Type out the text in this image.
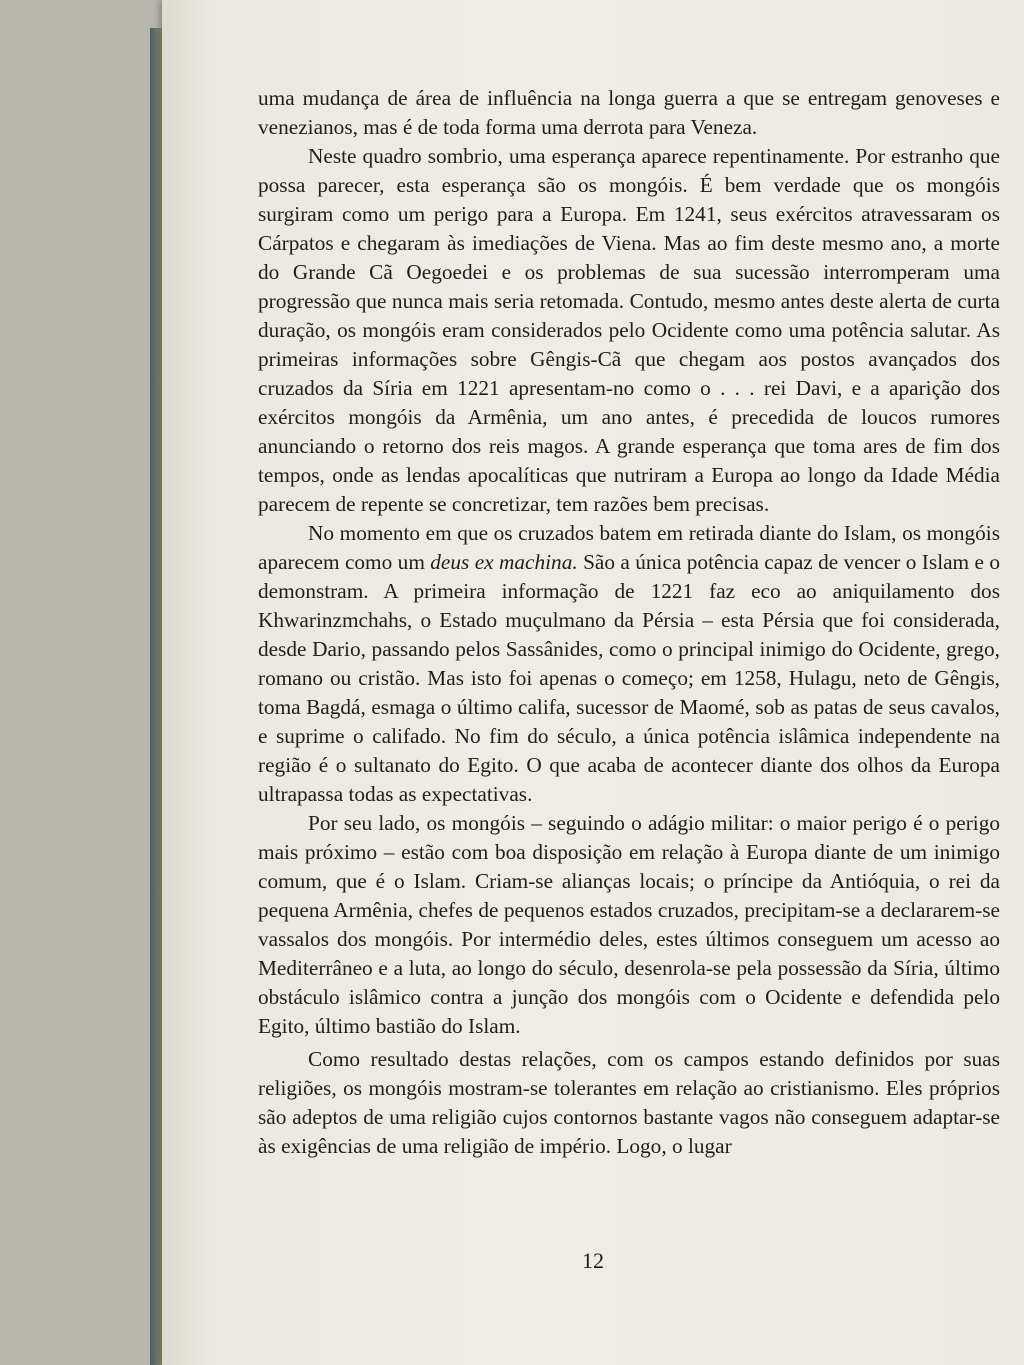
uma mudança de área de influência na longa guerra a que se entregam genoveses e venezianos, mas é de toda forma uma derrota para Veneza.

Neste quadro sombrio, uma esperança aparece repentinamente. Por estranho que possa parecer, esta esperança são os mongóis. É bem verdade que os mongóis surgiram como um perigo para a Europa. Em 1241, seus exércitos atravessaram os Cárpatos e chegaram às imediações de Viena. Mas ao fim deste mesmo ano, a morte do Grande Cã Oegoedei e os problemas de sua sucessão interromperam uma progressão que nunca mais seria retomada. Contudo, mesmo antes deste alerta de curta duração, os mongóis eram considerados pelo Ocidente como uma potência salutar. As primeiras informações sobre Gêngis-Cã que chegam aos postos avançados dos cruzados da Síria em 1221 apresentam-no como o . . . rei Davi, e a aparição dos exércitos mongóis da Armênia, um ano antes, é precedida de loucos rumores anunciando o retorno dos reis magos. A grande esperança que toma ares de fim dos tempos, onde as lendas apocalíticas que nutriram a Europa ao longo da Idade Média parecem de repente se concretizar, tem razões bem precisas.

No momento em que os cruzados batem em retirada diante do Islam, os mongóis aparecem como um deus ex machina. São a única potência capaz de vencer o Islam e o demonstram. A primeira informação de 1221 faz eco ao aniquilamento dos Khwarinzmchahs, o Estado muçulmano da Pérsia – esta Pérsia que foi considerada, desde Dario, passando pelos Sassânides, como o principal inimigo do Ocidente, grego, romano ou cristão. Mas isto foi apenas o começo; em 1258, Hulagu, neto de Gêngis, toma Bagdá, esmaga o último califa, sucessor de Maomé, sob as patas de seus cavalos, e suprime o califado. No fim do século, a única potência islâmica independente na região é o sultanato do Egito. O que acaba de acontecer diante dos olhos da Europa ultrapassa todas as expectativas.

Por seu lado, os mongóis – seguindo o adágio militar: o maior perigo é o perigo mais próximo – estão com boa disposição em relação à Europa diante de um inimigo comum, que é o Islam. Criam-se alianças locais; o príncipe da Antióquia, o rei da pequena Armênia, chefes de pequenos estados cruzados, precipitam-se a declararem-se vassalos dos mongóis. Por intermédio deles, estes últimos conseguem um acesso ao Mediterrâneo e a luta, ao longo do século, desenrola-se pela possessão da Síria, último obstáculo islâmico contra a junção dos mongóis com o Ocidente e defendida pelo Egito, último bastião do Islam.

Como resultado destas relações, com os campos estando definidos por suas religiões, os mongóis mostram-se tolerantes em relação ao cristianismo. Eles próprios são adeptos de uma religião cujos contornos bastante vagos não conseguem adaptar-se às exigências de uma religião de império. Logo, o lugar

12
